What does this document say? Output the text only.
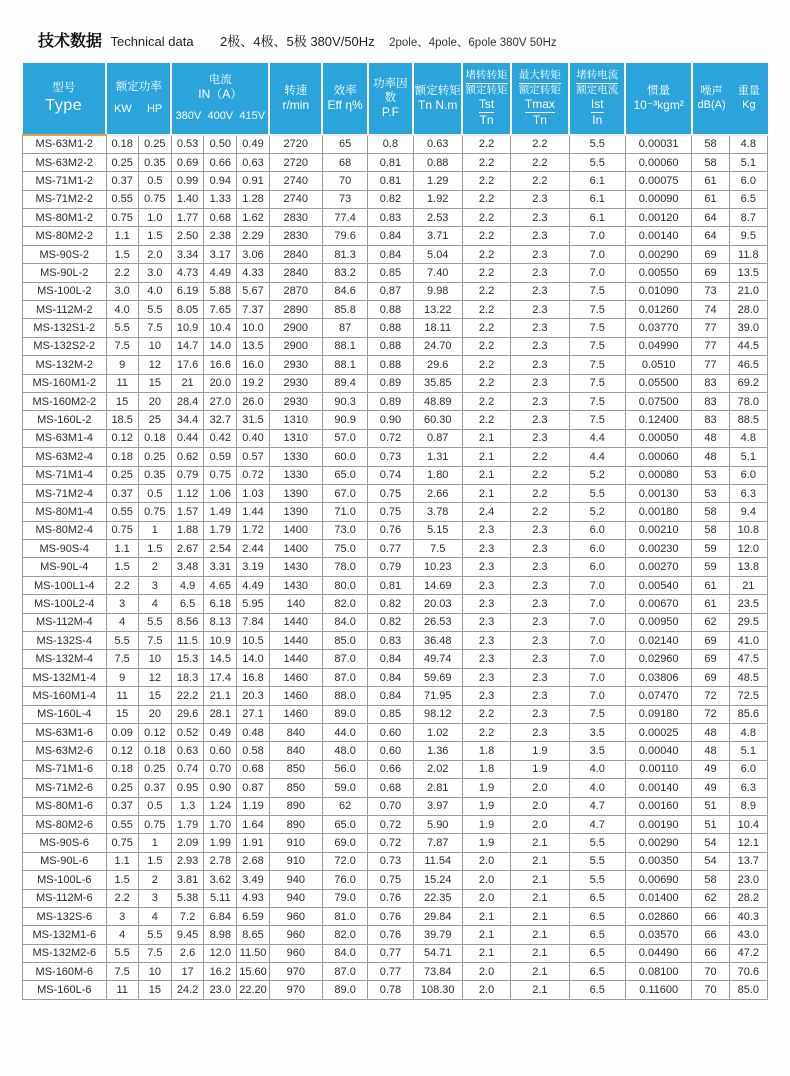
技术数据 Technical data 2极、4极、5极 380V/50Hz 2pole、4pole、6pole 380V 50Hz
型号
Type

额定功率
KW	HP

电流
IN（A）
380V 400V 415V

转速
r/min

效率
Eff η%

功率因数
P.F

额定转矩
Tn N.m
	堵转转矩
额定转矩
Tst
Tn
	最大转矩
额定转矩
Tmax
Tn
	堵转电流
额定电流
Ist
In

惯量
10⁻³kgm²

噪声
dB(A)
重量
Kg

MS-63M1-2	0.18	0.25	0.53	0.50	0.49	2720	65	0.8	0.63	2.2	2.2	5.5	0.00031	58	4.8
MS-63M2-2	0.25	0.35	0.69	0.66	0.63	2720	68	0.81	0.88	2.2	2.2	5.5	0.00060	58	5.1
MS-71M1-2	0.37	0.5	0.99	0.94	0.91	2740	70	0.81	1.29	2.2	2.2	6.1	0.00075	61	6.0
MS-71M2-2	0.55	0.75	1.40	1.33	1.28	2740	73	0.82	1.92	2.2	2.3	6.1	0.00090	61	6.5
MS-80M1-2	0.75	1.0	1.77	0.68	1.62	2830	77.4	0.83	2.53	2.2	2.3	6.1	0.00120	64	8.7
MS-80M2-2	1.1	1.5	2.50	2.38	2.29	2830	79.6	0.84	3.71	2.2	2.3	7.0	0.00140	64	9.5
MS-90S-2	1.5	2.0	3.34	3.17	3.06	2840	81.3	0.84	5.04	2.2	2.3	7.0	0.00290	69	11.8
MS-90L-2	2.2	3.0	4.73	4.49	4.33	2840	83.2	0.85	7.40	2.2	2.3	7.0	0.00550	69	13.5
MS-100L-2	3.0	4.0	6.19	5.88	5.67	2870	84.6	0.87	9.98	2.2	2.3	7.5	0.01090	73	21.0
MS-112M-2	4.0	5.5	8.05	7.65	7.37	2890	85.8	0.88	13.22	2.2	2.3	7.5	0.01260	74	28.0
MS-132S1-2	5.5	7.5	10.9	10.4	10.0	2900	87	0.88	18.11	2.2	2.3	7.5	0.03770	77	39.0
MS-132S2-2	7.5	10	14.7	14.0	13.5	2900	88.1	0.88	24.70	2.2	2.3	7.5	0.04990	77	44.5
MS-132M-2	9	12	17.6	16.6	16.0	2930	88.1	0.88	29.6	2.2	2.3	7.5	0.0510	77	46.5
MS-160M1-2	11	15	21	20.0	19.2	2930	89.4	0.89	35.85	2.2	2.3	7.5	0.05500	83	69.2
MS-160M2-2	15	20	28.4	27.0	26.0	2930	90.3	0.89	48.89	2.2	2.3	7.5	0.07500	83	78.0
MS-160L-2	18.5	25	34.4	32.7	31.5	1310	90.9	0.90	60.30	2.2	2.3	7.5	0.12400	83	88.5
MS-63M1-4	0.12	0.18	0.44	0.42	0.40	1310	57.0	0.72	0.87	2.1	2.3	4.4	0.00050	48	4.8
MS-63M2-4	0.18	0.25	0.62	0.59	0.57	1330	60.0	0.73	1.31	2.1	2.2	4.4	0.00060	48	5.1
MS-71M1-4	0.25	0.35	0.79	0.75	0.72	1330	65.0	0.74	1.80	2.1	2.2	5.2	0.00080	53	6.0
MS-71M2-4	0.37	0.5	1.12	1.06	1.03	1390	67.0	0.75	2.66	2.1	2.2	5.5	0.00130	53	6.3
MS-80M1-4	0.55	0.75	1.57	1.49	1.44	1390	71.0	0.75	3.78	2.4	2.2	5.2	0.00180	58	9.4
MS-80M2-4	0.75	1	1.88	1.79	1.72	1400	73.0	0.76	5.15	2.3	2.3	6.0	0.00210	58	10.8
MS-90S-4	1.1	1.5	2.67	2.54	2.44	1400	75.0	0.77	7.5	2.3	2.3	6.0	0.00230	59	12.0
MS-90L-4	1.5	2	3.48	3.31	3.19	1430	78.0	0.79	10.23	2.3	2.3	6.0	0.00270	59	13.8
MS-100L1-4	2.2	3	4.9	4.65	4.49	1430	80.0	0.81	14.69	2.3	2.3	7.0	0.00540	61	21
MS-100L2-4	3	4	6.5	6.18	5.95	140	82.0	0.82	20.03	2.3	2.3	7.0	0.00670	61	23.5
MS-112M-4	4	5.5	8.56	8.13	7.84	1440	84.0	0.82	26.53	2.3	2.3	7.0	0.00950	62	29.5
MS-132S-4	5.5	7.5	11.5	10.9	10.5	1440	85.0	0.83	36.48	2.3	2.3	7.0	0.02140	69	41.0
MS-132M-4	7.5	10	15.3	14.5	14.0	1440	87.0	0.84	49.74	2.3	2.3	7.0	0.02960	69	47.5
MS-132M1-4	9	12	18.3	17.4	16.8	1460	87.0	0.84	59.69	2.3	2.3	7.0	0.03806	69	48.5
MS-160M1-4	11	15	22.2	21.1	20.3	1460	88.0	0.84	71.95	2.3	2.3	7.0	0.07470	72	72.5
MS-160L-4	15	20	29.6	28.1	27.1	1460	89.0	0.85	98.12	2.2	2.3	7.5	0.09180	72	85.6
MS-63M1-6	0.09	0.12	0.52	0.49	0.48	840	44.0	0.60	1.02	2.2	2.3	3.5	0.00025	48	4.8
MS-63M2-6	0.12	0.18	0.63	0.60	0.58	840	48.0	0.60	1.36	1.8	1.9	3.5	0.00040	48	5.1
MS-71M1-6	0.18	0.25	0.74	0.70	0.68	850	56.0	0.66	2.02	1.8	1.9	4.0	0.00110	49	6.0
MS-71M2-6	0.25	0.37	0.95	0.90	0.87	850	59.0	0.68	2.81	1.9	2.0	4.0	0.00140	49	6.3
MS-80M1-6	0.37	0.5	1.3	1.24	1.19	890	62	0.70	3.97	1.9	2.0	4.7	0.00160	51	8.9
MS-80M2-6	0.55	0.75	1.79	1.70	1.64	890	65.0	0.72	5.90	1.9	2.0	4.7	0.00190	51	10.4
MS-90S-6	0.75	1	2.09	1.99	1.91	910	69.0	0.72	7.87	1.9	2.1	5.5	0.00290	54	12.1
MS-90L-6	1.1	1.5	2.93	2.78	2.68	910	72.0	0.73	11.54	2.0	2.1	5.5	0.00350	54	13.7
MS-100L-6	1.5	2	3.81	3.62	3.49	940	76.0	0.75	15.24	2.0	2.1	5.5	0.00690	58	23.0
MS-112M-6	2.2	3	5.38	5.11	4.93	940	79.0	0.76	22.35	2.0	2.1	6.5	0.01400	62	28.2
MS-132S-6	3	4	7.2	6.84	6.59	960	81.0	0.76	29.84	2.1	2.1	6.5	0.02860	66	40.3
MS-132M1-6	4	5.5	9.45	8.98	8.65	960	82.0	0.76	39.79	2.1	2.1	6.5	0.03570	66	43.0
MS-132M2-6	5.5	7.5	2.6	12.0	11.50	960	84.0	0.77	54.71	2.1	2.1	6.5	0.04490	66	47.2
MS-160M-6	7.5	10	17	16.2	15.60	970	87.0	0.77	73.84	2.0	2.1	6.5	0.08100	70	70.6
MS-160L-6	11	15	24.2	23.0	22.20	970	89.0	0.78	108.30	2.0	2.1	6.5	0.11600	70	85.0
